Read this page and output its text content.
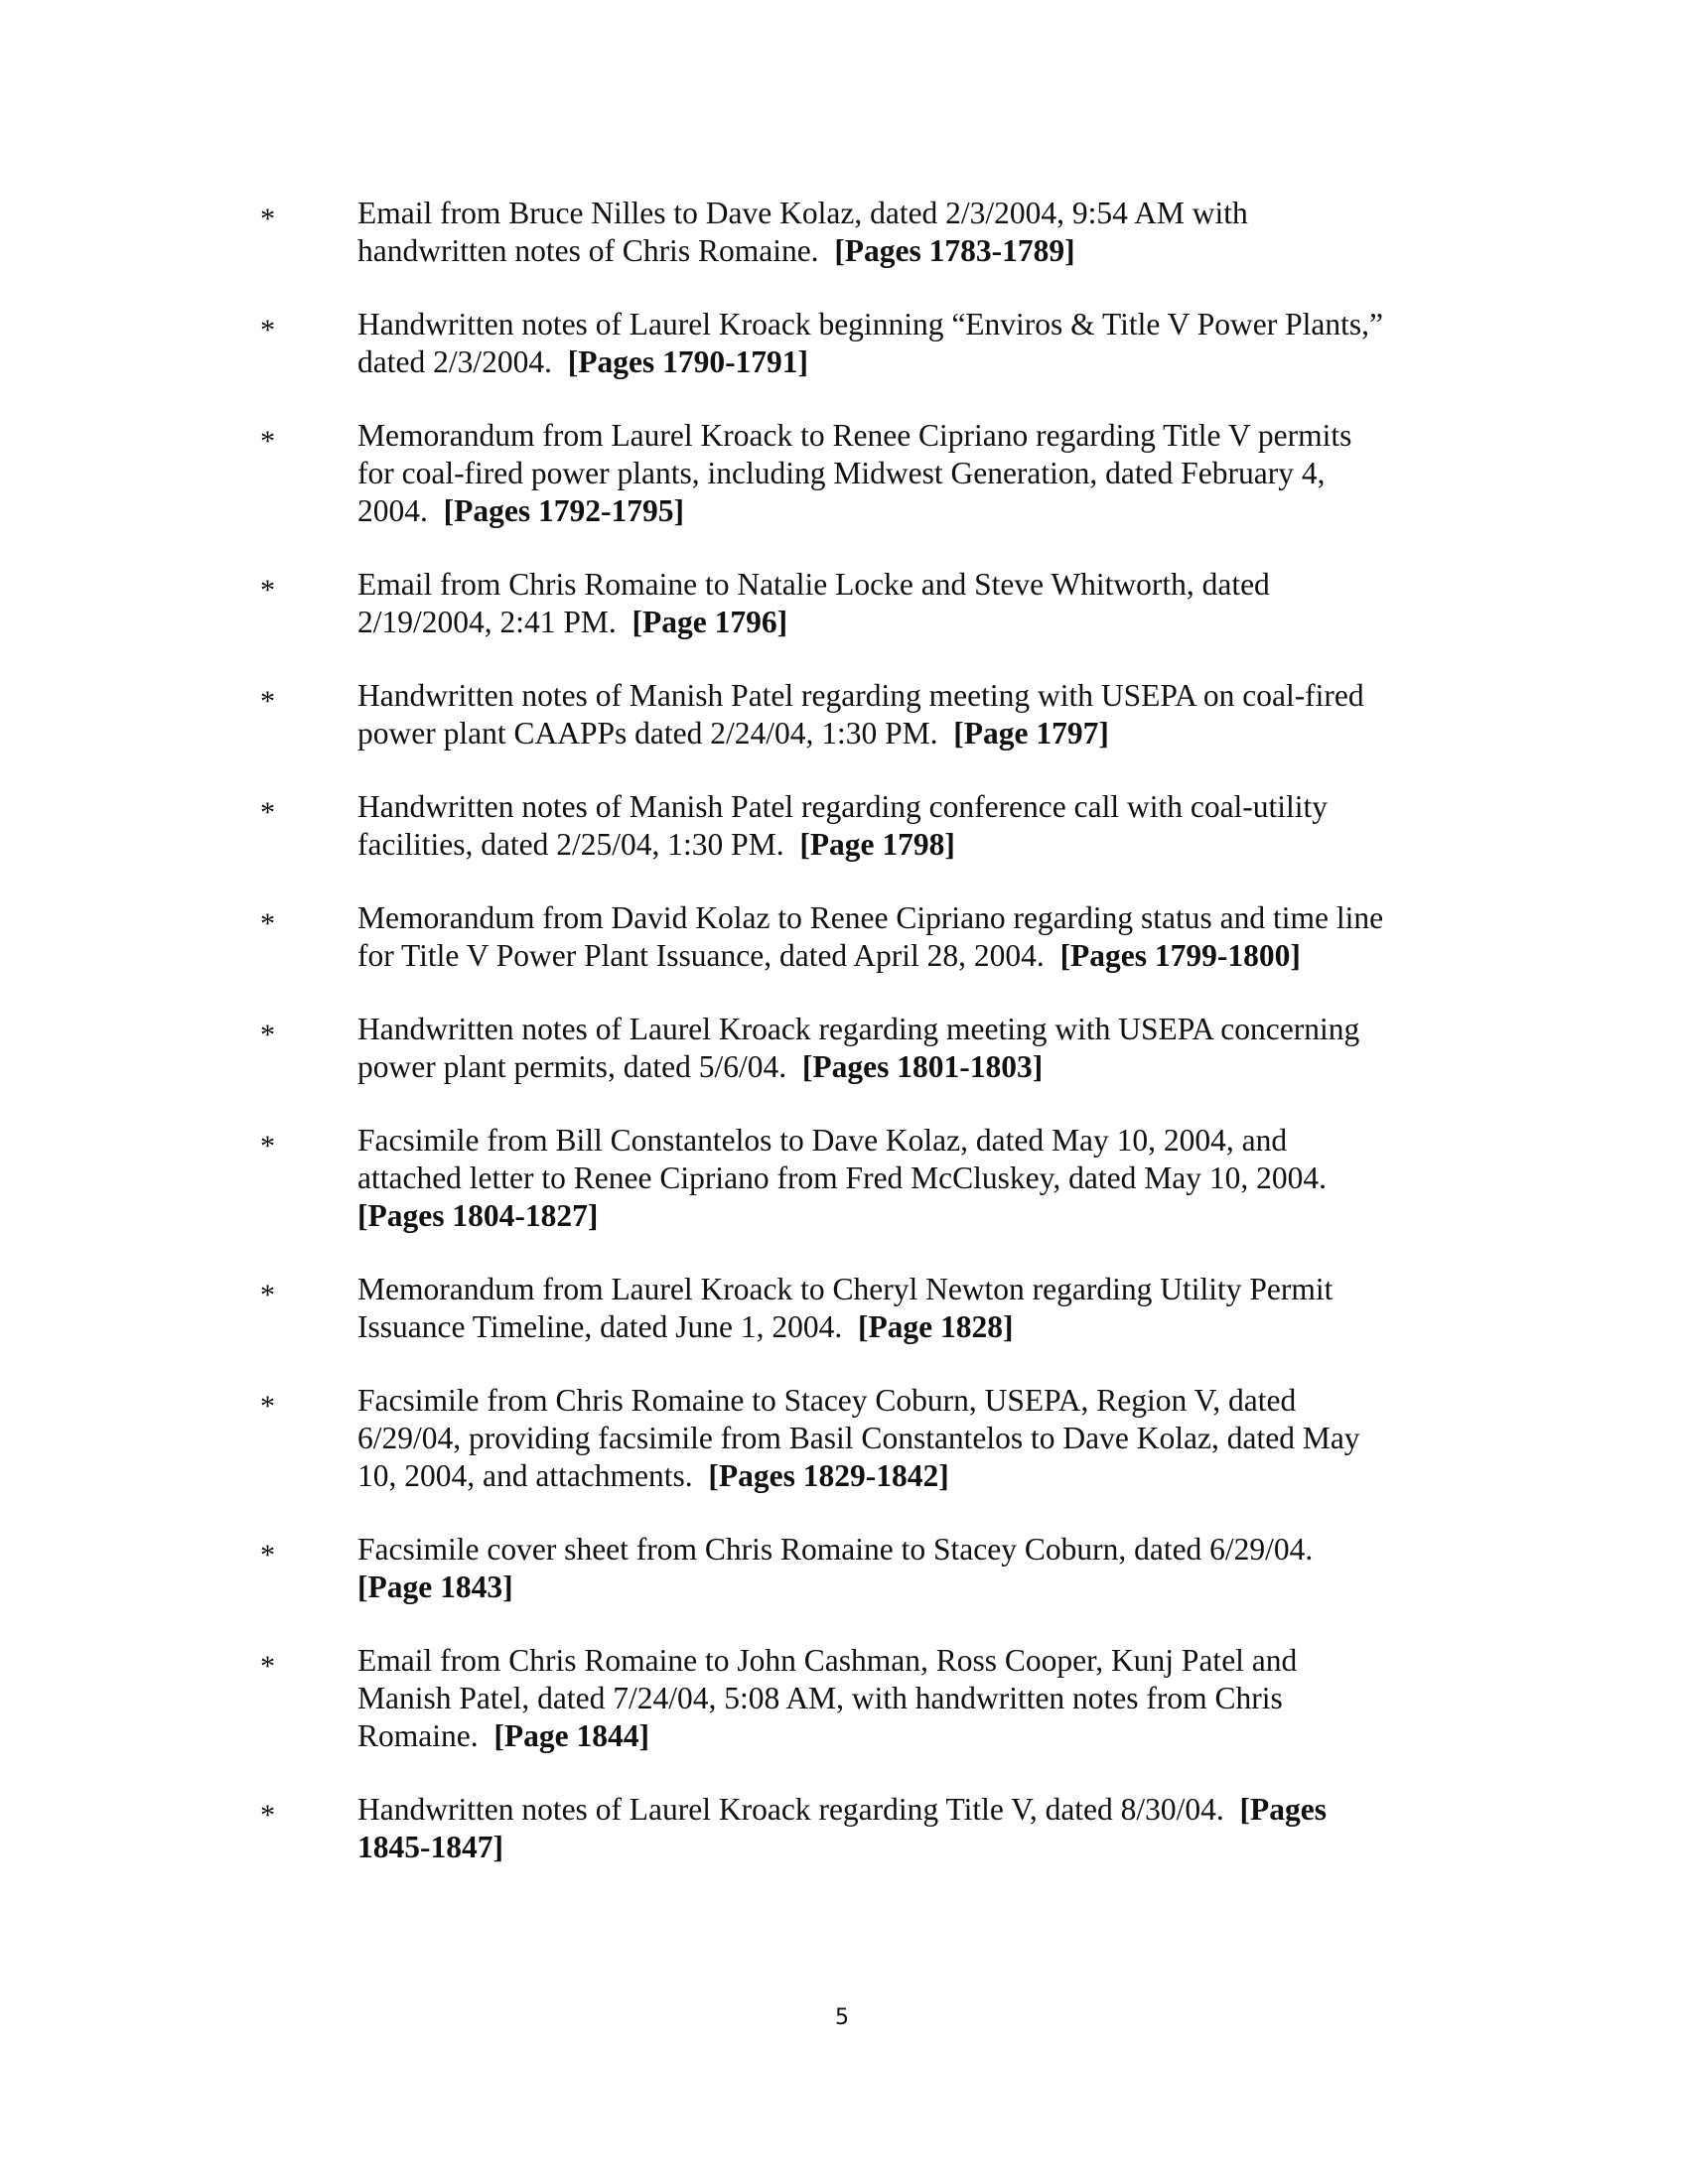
*	Email from Bruce Nilles to Dave Kolaz, dated 2/3/2004, 9:54 AM with
handwritten notes of Chris Romaine. [Pages 1783-1789]
*	Handwritten notes of Laurel Kroack beginning “Enviros & Title V Power Plants,”
dated 2/3/2004. [Pages 1790-1791]
*	Memorandum from Laurel Kroack to Renee Cipriano regarding Title V permits
for coal-fired power plants, including Midwest Generation, dated February 4,
2004. [Pages 1792-1795]
*	Email from Chris Romaine to Natalie Locke and Steve Whitworth, dated
2/19/2004, 2:41 PM. [Page 1796]
*	Handwritten notes of Manish Patel regarding meeting with USEPA on coal-fired
power plant CAAPPs dated 2/24/04, 1:30 PM. [Page 1797]
*	Handwritten notes of Manish Patel regarding conference call with coal-utility
facilities, dated 2/25/04, 1:30 PM. [Page 1798]
*	Memorandum from David Kolaz to Renee Cipriano regarding status and time line
for Title V Power Plant Issuance, dated April 28, 2004. [Pages 1799-1800]
*	Handwritten notes of Laurel Kroack regarding meeting with USEPA concerning
power plant permits, dated 5/6/04. [Pages 1801-1803]
*	Facsimile from Bill Constantelos to Dave Kolaz, dated May 10, 2004, and
attached letter to Renee Cipriano from Fred McCluskey, dated May 10, 2004.
[Pages 1804-1827]
*	Memorandum from Laurel Kroack to Cheryl Newton regarding Utility Permit
Issuance Timeline, dated June 1, 2004. [Page 1828]
*	Facsimile from Chris Romaine to Stacey Coburn, USEPA, Region V, dated
6/29/04, providing facsimile from Basil Constantelos to Dave Kolaz, dated May
10, 2004, and attachments. [Pages 1829-1842]
*	Facsimile cover sheet from Chris Romaine to Stacey Coburn, dated 6/29/04.
[Page 1843]
*	Email from Chris Romaine to John Cashman, Ross Cooper, Kunj Patel and
Manish Patel, dated 7/24/04, 5:08 AM, with handwritten notes from Chris
Romaine. [Page 1844]
*	Handwritten notes of Laurel Kroack regarding Title V, dated 8/30/04. [Pages
1845-1847]
5
